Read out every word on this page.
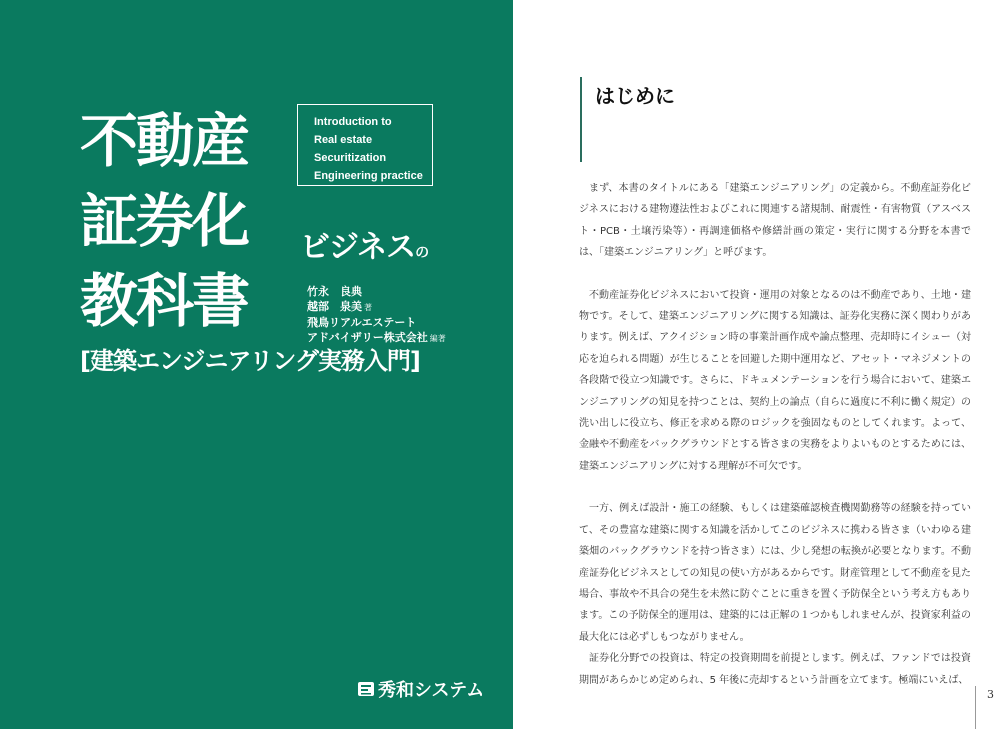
不動産
証券化
教科書
Introduction to
Real estate
Securitization
Engineering practice
ビジネスの
竹永　良典
越部　泉美 著
飛鳥リアルエステート
アドバイザリー株式会社 編著
[建築エンジニアリング実務入門]
秀和システム
はじめに

まず、本書のタイトルにある「建築エンジニアリング」の定義から。不動産証券化ビジネスにおける建物遵法性およびこれに関連する諸規制、耐震性・有害物質（アスベスト・PCB・土壌汚染等）・再調達価格や修繕計画の策定・実行に関する分野を本書では、「建築エンジニアリング」と呼びます。

不動産証券化ビジネスにおいて投資・運用の対象となるのは不動産であり、土地・建物です。そして、建築エンジニアリングに関する知識は、証券化実務に深く関わりがあります。例えば、アクイジション時の事業計画作成や論点整理、売却時にイシュー（対応を迫られる問題）が生じることを回避した期中運用など、アセット・マネジメントの各段階で役立つ知識です。さらに、ドキュメンテーションを行う場合において、建築エンジニアリングの知見を持つことは、契約上の論点（自らに過度に不利に働く規定）の洗い出しに役立ち、修正を求める際のロジックを強固なものとしてくれます。よって、金融や不動産をバックグラウンドとする皆さまの実務をよりよいものとするためには、建築エンジニアリングに対する理解が不可欠です。

一方、例えば設計・施工の経験、もしくは建築確認検査機関勤務等の経験を持っていて、その豊富な建築に関する知識を活かしてこのビジネスに携わる皆さま（いわゆる建築畑のバックグラウンドを持つ皆さま）には、少し発想の転換が必要となります。不動産証券化ビジネスとしての知見の使い方があるからです。財産管理として不動産を見た場合、事故や不具合の発生を未然に防ぐことに重きを置く予防保全という考え方もあります。この予防保全的運用は、建築的には正解の１つかもしれませんが、投資家利益の最大化には必ずしもつながりません。

証券化分野での投資は、特定の投資期間を前提とします。例えば、ファンドでは投資期間があらかじめ定められ、5 年後に売却するという計画を立てます。極端にいえば、

3
